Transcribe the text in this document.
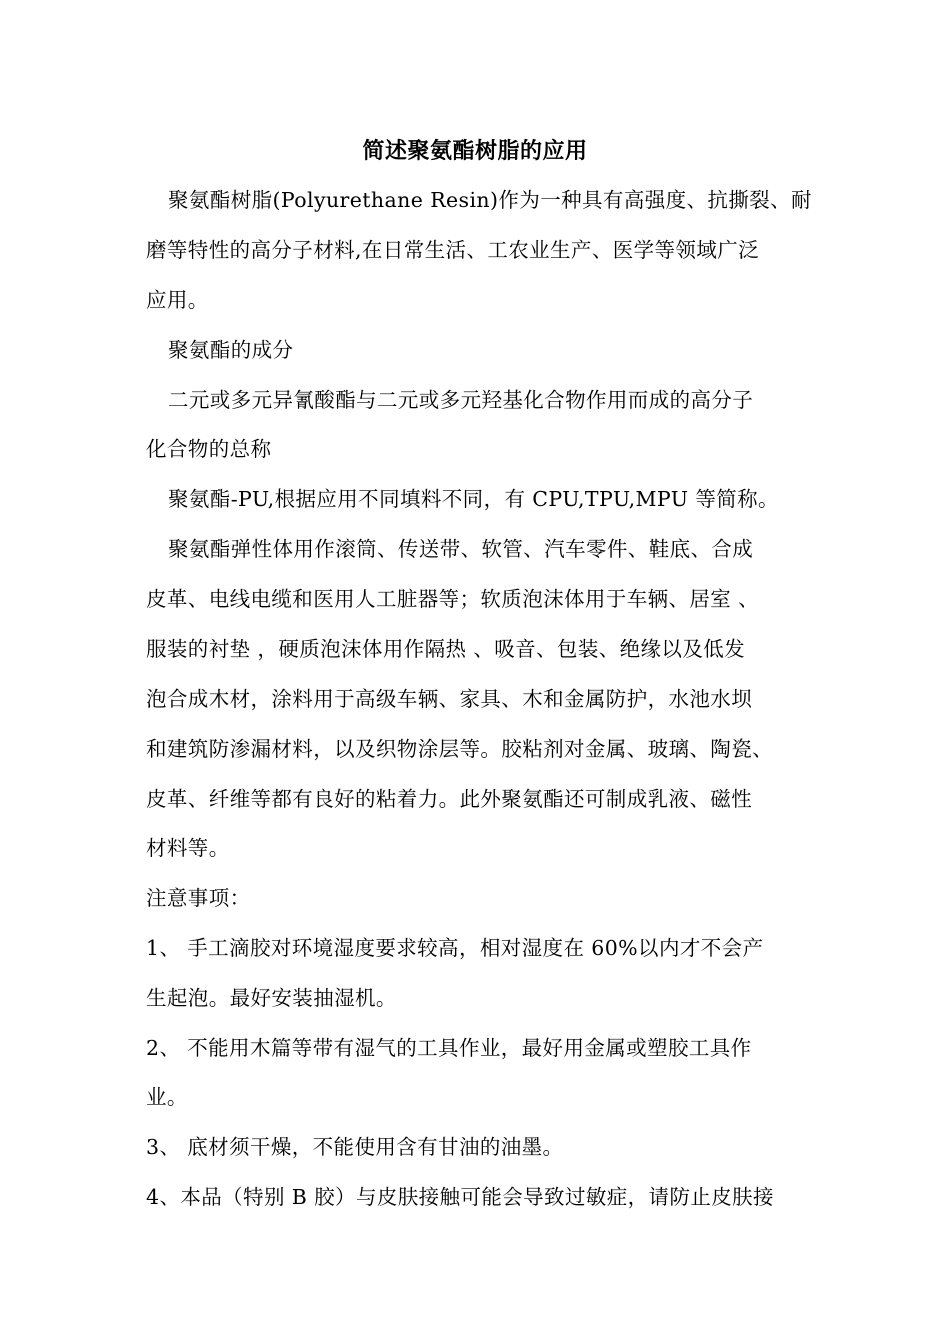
简述聚氨酯树脂的应用
聚氨酯树脂(Polyurethane Resin)作为一种具有高强度、抗撕裂、耐
磨等特性的高分子材料,在日常生活、工农业生产、医学等领域广泛
应用。
聚氨酯的成分
二元或多元异氰酸酯与二元或多元羟基化合物作用而成的高分子
化合物的总称
聚氨酯-PU,根据应用不同填料不同，有 CPU,TPU,MPU 等简称。
聚氨酯弹性体用作滚筒、传送带、软管、汽车零件、鞋底、合成
皮革、电线电缆和医用人工脏器等；软质泡沫体用于车辆、居室 、
服装的衬垫 ，硬质泡沫体用作隔热 、吸音、包装、绝缘以及低发
泡合成木材，涂料用于高级车辆、家具、木和金属防护，水池水坝
和建筑防渗漏材料，以及织物涂层等。胶粘剂对金属、玻璃、陶瓷、
皮革、纤维等都有良好的粘着力。此外聚氨酯还可制成乳液、磁性
材料等。
注意事项：
1、 手工滴胶对环境湿度要求较高，相对湿度在 60%以内才不会产
生起泡。最好安装抽湿机。
2、 不能用木篇等带有湿气的工具作业，最好用金属或塑胶工具作
业。
3、 底材须干燥，不能使用含有甘油的油墨。
4、本品（特别 B 胶）与皮肤接触可能会导致过敏症，请防止皮肤接
